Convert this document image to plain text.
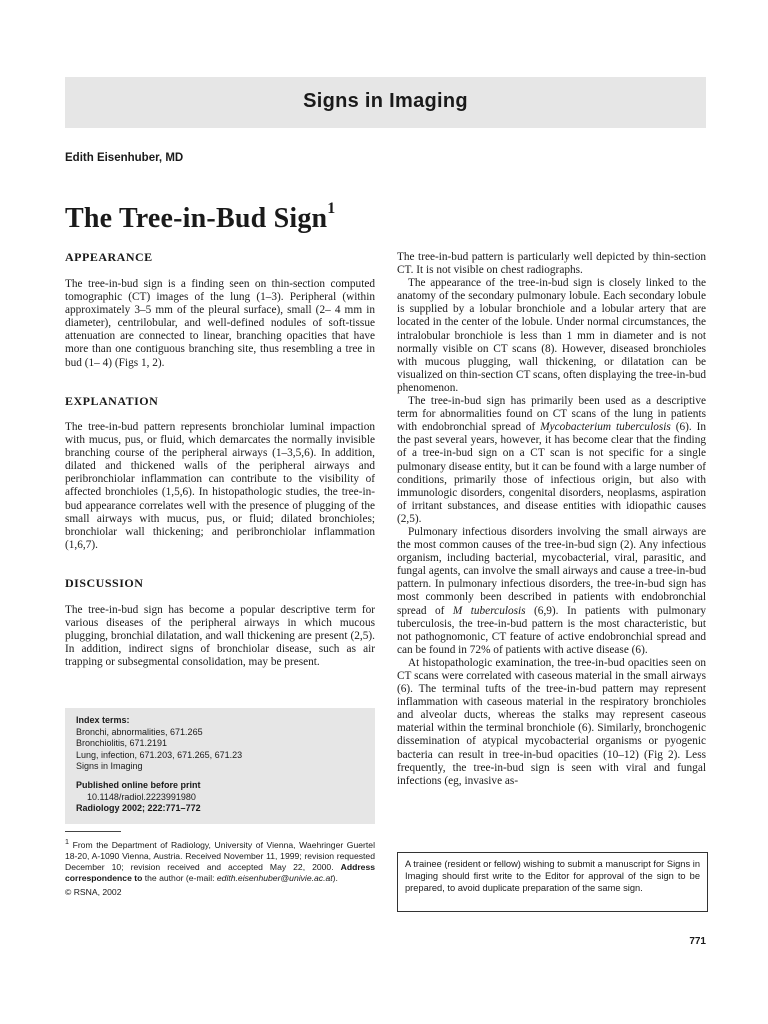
Signs in Imaging
Edith Eisenhuber, MD
The Tree-in-Bud Sign$^1$
APPEARANCE

The tree-in-bud sign is a finding seen on thin-section computed tomographic (CT) images of the lung (1–3). Peripheral (within approximately 3–5 mm of the pleural surface), small (2– 4 mm in diameter), centrilobular, and well-defined nodules of soft-tissue attenuation are connected to linear, branching opacities that have more than one contiguous branching site, thus resembling a tree in bud (1– 4) (Figs 1, 2).

EXPLANATION

The tree-in-bud pattern represents bronchiolar luminal impaction with mucus, pus, or fluid, which demarcates the normally invisible branching course of the peripheral airways (1–3,5,6). In addition, dilated and thickened walls of the peripheral airways and peribronchiolar inflammation can contribute to the visibility of affected bronchioles (1,5,6). In histopathologic studies, the tree-in-bud appearance correlates well with the presence of plugging of the small airways with mucus, pus, or fluid; dilated bronchioles; bronchiolar wall thickening; and peribronchiolar inflammation (1,6,7).

DISCUSSION

The tree-in-bud sign has become a popular descriptive term for various diseases of the peripheral airways in which mucous plugging, bronchial dilatation, and wall thickening are present (2,5). In addition, indirect signs of bronchiolar disease, such as air trapping or subsegmental consolidation, may be present.

Index terms:
Bronchi, abnormalities, 671.265
Bronchiolitis, 671.2191
Lung, infection, 671.203, 671.265, 671.23
Signs in Imaging
Published online before print
10.1148/radiol.2223991980
Radiology 2002; 222:771–772
$^1$ From the Department of Radiology, University of Vienna, Waehringer Guertel 18-20, A-1090 Vienna, Austria. Received November 11, 1999; revision requested December 10; revision received and accepted May 22, 2000. Address correspondence to the author (e-mail: edith.eisenhuber@univie.ac.at).
© RSNA, 2002

The tree-in-bud pattern is particularly well depicted by thin-section CT. It is not visible on chest radiographs.

The appearance of the tree-in-bud sign is closely linked to the anatomy of the secondary pulmonary lobule. Each secondary lobule is supplied by a lobular bronchiole and a lobular artery that are located in the center of the lobule. Under normal circumstances, the intralobular bronchiole is less than 1 mm in diameter and is not normally visible on CT scans (8). However, diseased bronchioles with mucous plugging, wall thickening, or dilatation can be visualized on thin-section CT scans, often displaying the tree-in-bud phenomenon.

The tree-in-bud sign has primarily been used as a descriptive term for abnormalities found on CT scans of the lung in patients with endobronchial spread of Mycobacterium tuberculosis (6). In the past several years, however, it has become clear that the finding of a tree-in-bud sign on a CT scan is not specific for a single pulmonary disease entity, but it can be found with a large number of conditions, primarily those of infectious origin, but also with immunologic disorders, congenital disorders, neoplasms, aspiration of irritant substances, and disease entities with idiopathic causes (2,5).

Pulmonary infectious disorders involving the small airways are the most common causes of the tree-in-bud sign (2). Any infectious organism, including bacterial, mycobacterial, viral, parasitic, and fungal agents, can involve the small airways and cause a tree-in-bud pattern. In pulmonary infectious disorders, the tree-in-bud sign has most commonly been described in patients with endobronchial spread of M tuberculosis (6,9). In patients with pulmonary tuberculosis, the tree-in-bud pattern is the most characteristic, but not pathognomonic, CT feature of active endobronchial spread and can be found in 72% of patients with active disease (6).

At histopathologic examination, the tree-in-bud opacities seen on CT scans were correlated with caseous material in the small airways (6). The terminal tufts of the tree-in-bud pattern may represent inflammation with caseous material in the respiratory bronchioles and alveolar ducts, whereas the stalks may represent caseous material within the terminal bronchiole (6). Similarly, bronchogenic dissemination of atypical mycobacterial organisms or pyogenic bacteria can result in tree-in-bud opacities (10–12) (Fig 2). Less frequently, the tree-in-bud sign is seen with viral and fungal infections (eg, invasive as-

A trainee (resident or fellow) wishing to submit a manuscript for Signs in Imaging should first write to the Editor for approval of the sign to be prepared, to avoid duplicate preparation of the same sign.
771
